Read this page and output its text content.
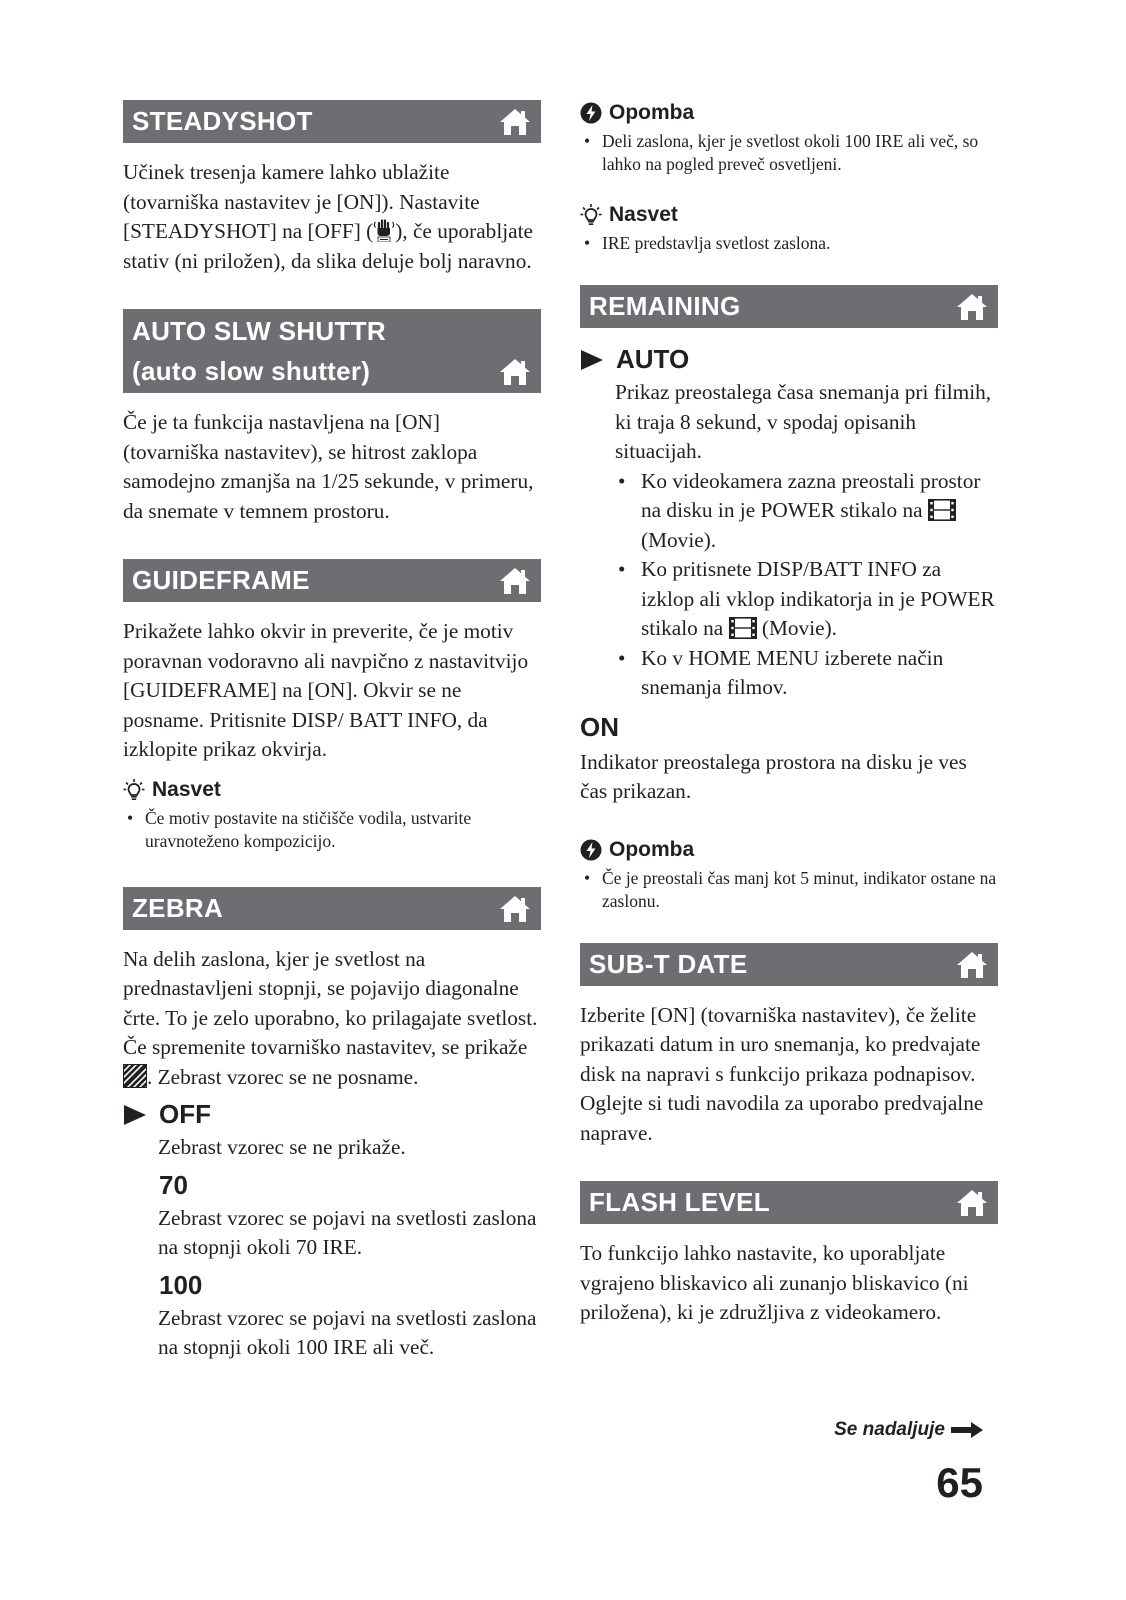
STEADYSHOT

Učinek tresenja kamere lahko ublažite (tovarniška nastavitev je [ON]). Nastavite [STEADYSHOT] na [OFF] ( ), če uporabljate stativ (ni priložen), da slika deluje bolj naravno.

AUTO SLW SHUTTR
(auto slow shutter)

Če je ta funkcija nastavljena na [ON] (tovarniška nastavitev), se hitrost zaklopa samodejno zmanjša na 1/25 sekunde, v primeru, da snemate v temnem prostoru.

GUIDEFRAME

Prikažete lahko okvir in preverite, če je motiv poravnan vodoravno ali navpično z nastavitvijo [GUIDEFRAME] na [ON]. Okvir se ne posname. Pritisnite DISP/ BATT INFO, da izklopite prikaz okvirja.

Nasvet
• Če motiv postavite na stičišče vodila, ustvarite uravnoteženo kompozicijo.
ZEBRA

Na delih zaslona, kjer je svetlost na prednastavljeni stopnji, se pojavijo diagonalne črte. To je zelo uporabno, ko prilagajate svetlost. Če spremenite tovarniško nastavitev, se prikaže . Zebrast vzorec se ne posname.

OFF

Zebrast vzorec se ne prikaže.

70

Zebrast vzorec se pojavi na svetlosti zaslona na stopnji okoli 70 IRE.

100

Zebrast vzorec se pojavi na svetlosti zaslona na stopnji okoli 100 IRE ali več.

Opomba
• Deli zaslona, kjer je svetlost okoli 100 IRE ali več, so lahko na pogled preveč osvetljeni.
Nasvet
• IRE predstavlja svetlost zaslona.
REMAINING
AUTO

Prikaz preostalega časa snemanja pri filmih, ki traja 8 sekund, v spodaj opisanih situacijah.

• Ko videokamera zazna preostali prostor na disku in je POWER stikalo na  (Movie).
• Ko pritisnete DISP/BATT INFO za izklop ali vklop indikatorja in je POWER stikalo na  (Movie).
• Ko v HOME MENU izberete način snemanja filmov.
ON

Indikator preostalega prostora na disku je ves čas prikazan.

Opomba
• Če je preostali čas manj kot 5 minut, indikator ostane na zaslonu.
SUB-T DATE

Izberite [ON] (tovarniška nastavitev), če želite prikazati datum in uro snemanja, ko predvajate disk na napravi s funkcijo prikaza podnapisov. Oglejte si tudi navodila za uporabo predvajalne naprave.

FLASH LEVEL

To funkcijo lahko nastavite, ko uporabljate vgrajeno bliskavico ali zunanjo bliskavico (ni priložena), ki je združljiva z videokamero.

Se nadaljuje
65
